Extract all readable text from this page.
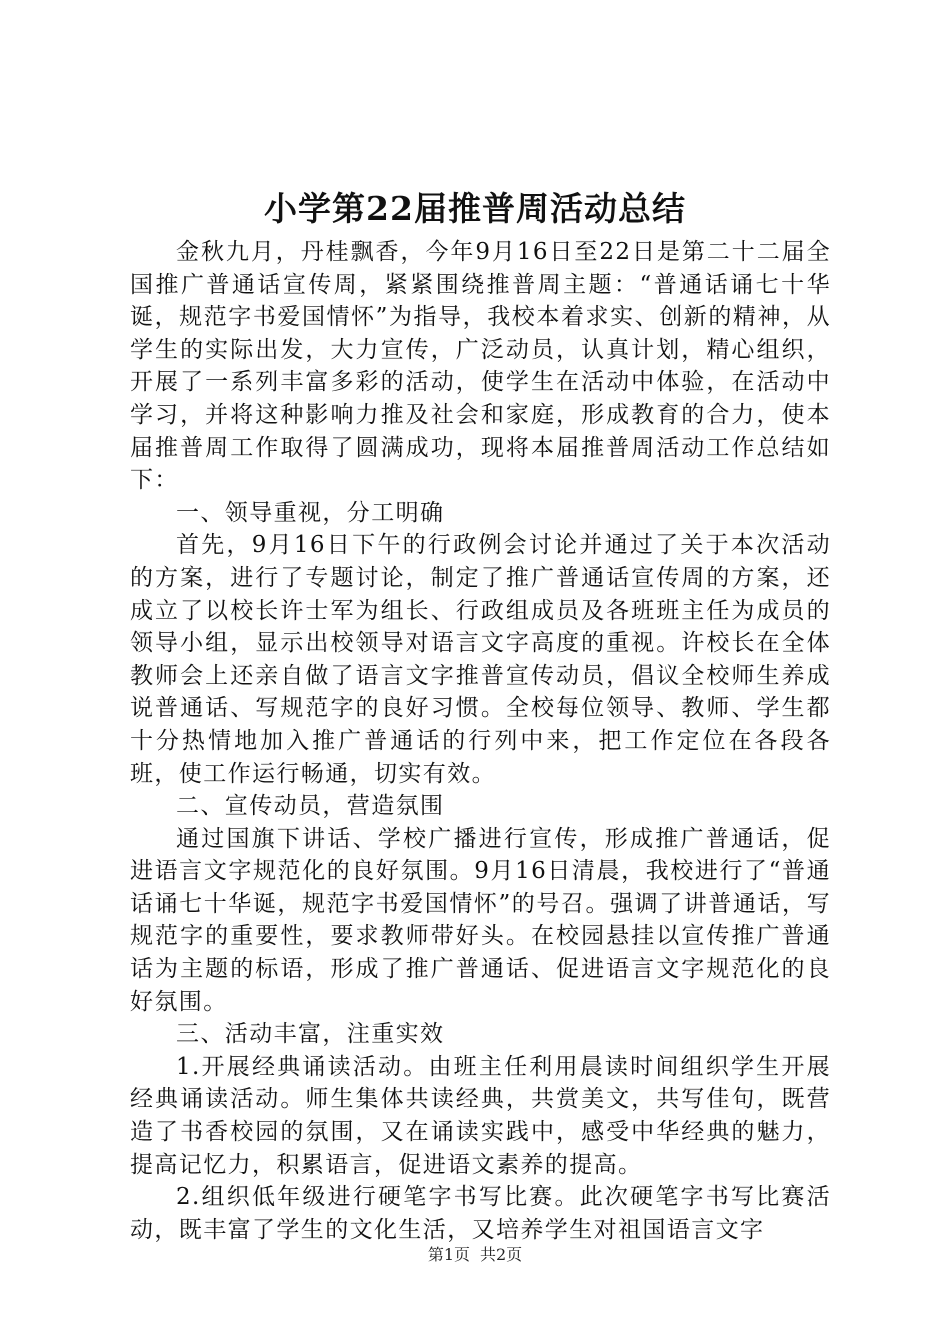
小学第22届推普周活动总结

金秋九月，丹桂飘香，今年9月16日至22日是第二十二届全国推广普通话宣传周，紧紧围绕推普周主题：“普通话诵七十华诞，规范字书爱国情怀”为指导，我校本着求实、创新的精神，从学生的实际出发，大力宣传，广泛动员，认真计划，精心组织，开展了一系列丰富多彩的活动，使学生在活动中体验，在活动中学习，并将这种影响力推及社会和家庭，形成教育的合力，使本届推普周工作取得了圆满成功，现将本届推普周活动工作总结如下：

一、领导重视，分工明确

首先，9月16日下午的行政例会讨论并通过了关于本次活动的方案，进行了专题讨论，制定了推广普通话宣传周的方案，还成立了以校长许士军为组长、行政组成员及各班班主任为成员的领导小组，显示出校领导对语言文字高度的重视。许校长在全体教师会上还亲自做了语言文字推普宣传动员，倡议全校师生养成说普通话、写规范字的良好习惯。全校每位领导、教师、学生都十分热情地加入推广普通话的行列中来，把工作定位在各段各班，使工作运行畅通，切实有效。

二、宣传动员，营造氛围

通过国旗下讲话、学校广播进行宣传，形成推广普通话，促进语言文字规范化的良好氛围。9月16日清晨，我校进行了“普通话诵七十华诞，规范字书爱国情怀”的号召。强调了讲普通话，写规范字的重要性，要求教师带好头。在校园悬挂以宣传推广普通话为主题的标语，形成了推广普通话、促进语言文字规范化的良好氛围。

三、活动丰富，注重实效

1.开展经典诵读活动。由班主任利用晨读时间组织学生开展经典诵读活动。师生集体共读经典，共赏美文，共写佳句，既营造了书香校园的氛围，又在诵读实践中，感受中华经典的魅力，提高记忆力，积累语言，促进语文素养的提高。

2.组织低年级进行硬笔字书写比赛。此次硬笔字书写比赛活动，既丰富了学生的文化生活，又培养学生对祖国语言文字

第1页 共2页
